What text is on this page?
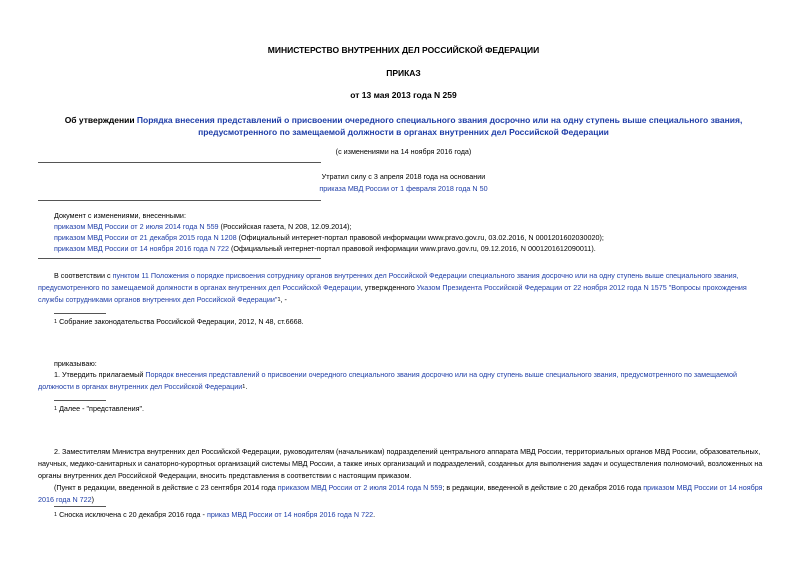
МИНИСТЕРСТВО ВНУТРЕННИХ ДЕЛ РОССИЙСКОЙ ФЕДЕРАЦИИ
ПРИКАЗ
от 13 мая 2013 года N 259
Об утверждении Порядка внесения представлений о присвоении очередного специального звания досрочно или на одну ступень выше специального звания,
предусмотренного по замещаемой должности в органах внутренних дел Российской Федерации
(с изменениями на 14 ноября 2016 года)
Утратил силу с 3 апреля 2018 года на основании
приказа МВД России от 1 февраля 2018 года N 50
Документ с изменениями, внесенными:
приказом МВД России от 2 июля 2014 года N 559 (Российская газета, N 208, 12.09.2014);
приказом МВД России от 21 декабря 2015 года N 1208 (Официальный интернет-портал правовой информации www.pravo.gov.ru, 03.02.2016, N 0001201602030020);
приказом МВД России от 14 ноября 2016 года N 722 (Официальный интернет-портал правовой информации www.pravo.gov.ru, 09.12.2016, N 0001201612090011).
В соответствии с пунктом 11 Положения о порядке присвоения сотруднику органов внутренних дел Российской Федерации специального звания досрочно или на одну ступень выше специального звания,
предусмотренного по замещаемой должности в органах внутренних дел Российской Федерации, утвержденного Указом Президента Российской Федерации от 22 ноября 2012 года N 1575 "Вопросы прохождения
службы сотрудниками органов внутренних дел Российской Федерации"$^1$, -
$^1$ Собрание законодательства Российской Федерации, 2012, N 48, ст.6668.
приказываю:
1. Утвердить прилагаемый Порядок внесения представлений о присвоении очередного специального звания досрочно или на одну ступень выше специального звания, предусмотренного по замещаемой
должности в органах внутренних дел Российской Федерации$^1$.
$^1$ Далее - "представления".
2. Заместителям Министра внутренних дел Российской Федерации, руководителям (начальникам) подразделений центрального аппарата МВД России, территориальных органов МВД России, образовательных,
научных, медико-санитарных и санаторно-курортных организаций системы МВД России, а также иных организаций и подразделений, созданных для выполнения задач и осуществления полномочий, возложенных на
органы внутренних дел Российской Федерации, вносить представления в соответствии с настоящим приказом.
(Пункт в редакции, введенной в действие с 23 сентября 2014 года приказом МВД России от 2 июля 2014 года N 559; в редакции, введенной в действие с 20 декабря 2016 года приказом МВД России от 14 ноября
2016 года N 722)
$^1$ Сноска исключена с 20 декабря 2016 года - приказ МВД России от 14 ноября 2016 года N 722.
